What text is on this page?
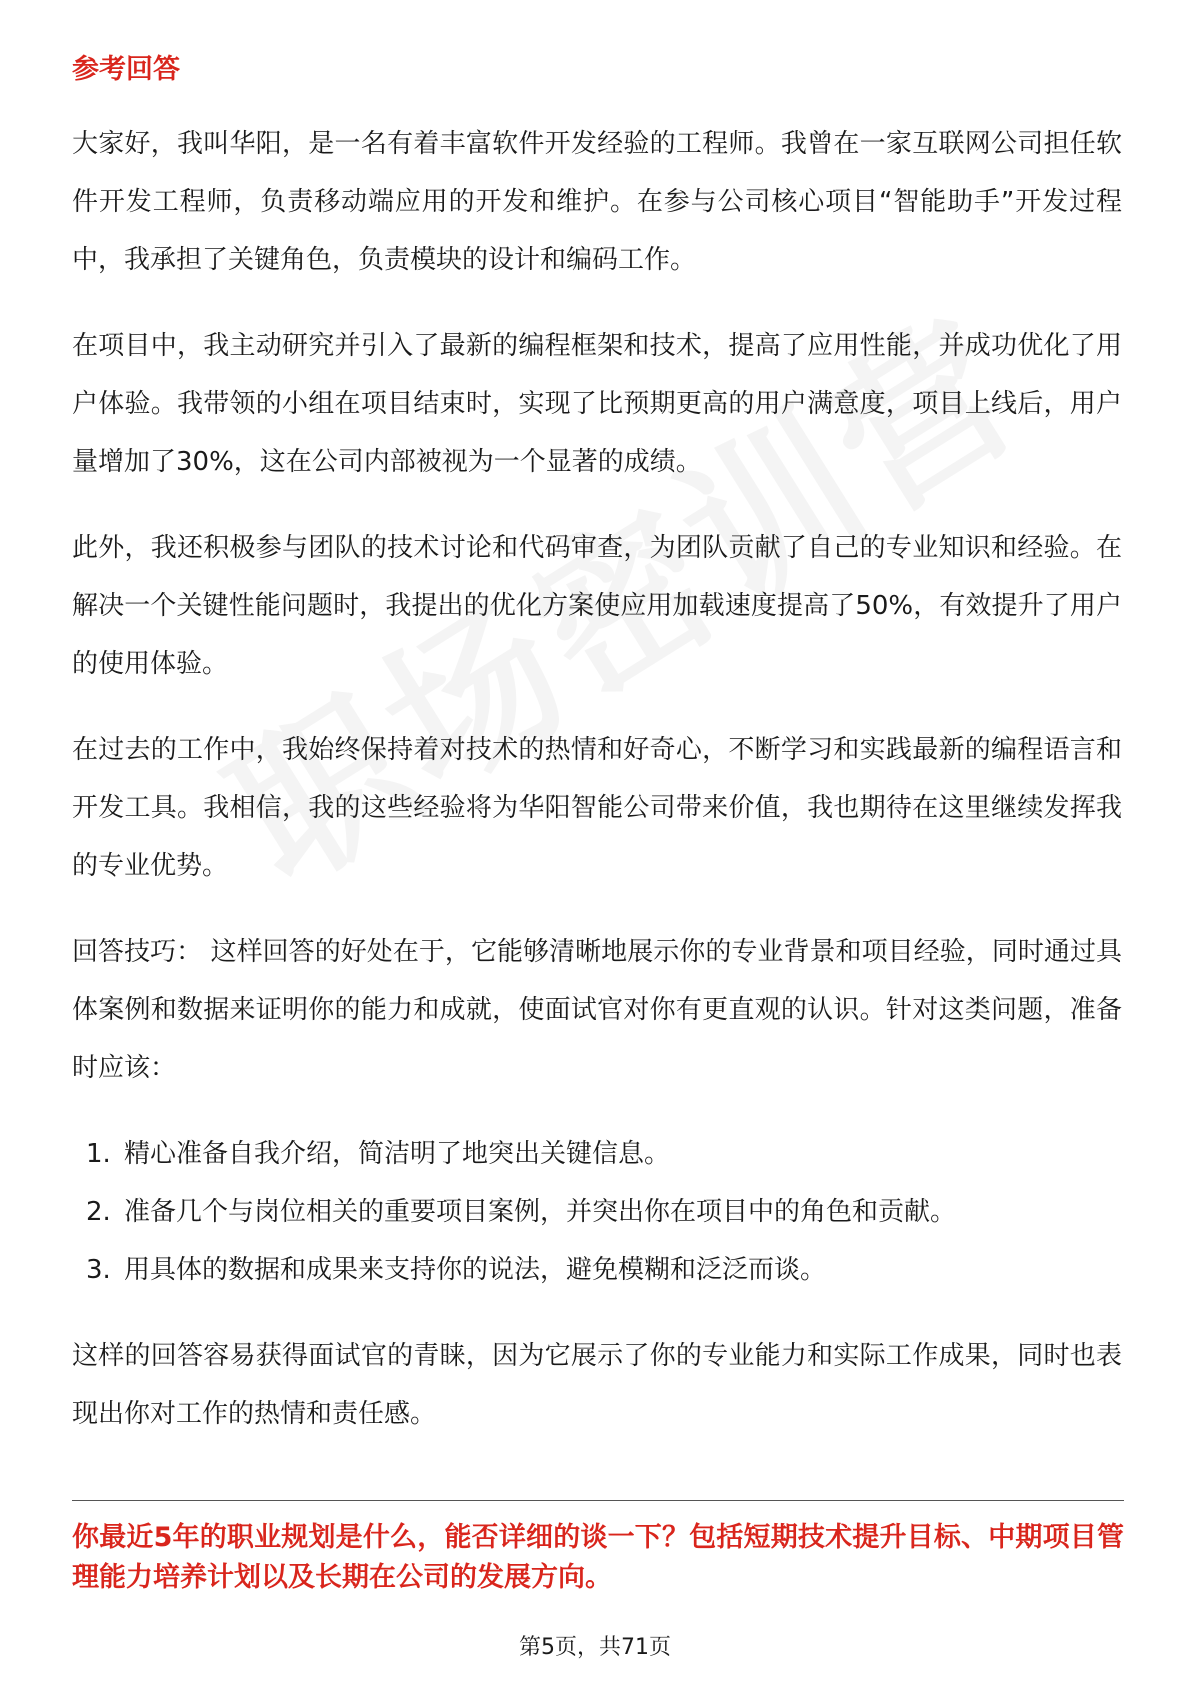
参考回答

大家好，我叫华阳，是一名有着丰富软件开发经验的工程师。我曾在一家互联网公司担任软件开发工程师，负责移动端应用的开发和维护。在参与公司核心项目“智能助手”开发过程中，我承担了关键角色，负责模块的设计和编码工作。

在项目中，我主动研究并引入了最新的编程框架和技术，提高了应用性能，并成功优化了用户体验。我带领的小组在项目结束时，实现了比预期更高的用户满意度，项目上线后，用户量增加了30%，这在公司内部被视为一个显著的成绩。

此外，我还积极参与团队的技术讨论和代码审查，为团队贡献了自己的专业知识和经验。在解决一个关键性能问题时，我提出的优化方案使应用加载速度提高了50%，有效提升了用户的使用体验。

在过去的工作中，我始终保持着对技术的热情和好奇心，不断学习和实践最新的编程语言和开发工具。我相信，我的这些经验将为华阳智能公司带来价值，我也期待在这里继续发挥我的专业优势。

回答技巧： 这样回答的好处在于，它能够清晰地展示你的专业背景和项目经验，同时通过具体案例和数据来证明你的能力和成就，使面试官对你有更直观的认识。针对这类问题，准备时应该：

1. 精心准备自我介绍，简洁明了地突出关键信息。
2. 准备几个与岗位相关的重要项目案例，并突出你在项目中的角色和贡献。
3. 用具体的数据和成果来支持你的说法，避免模糊和泛泛而谈。

这样的回答容易获得面试官的青睐，因为它展示了你的专业能力和实际工作成果，同时也表现出你对工作的热情和责任感。

你最近5年的职业规划是什么，能否详细的谈一下？包括短期技术提升目标、中期项目管理能力培养计划以及长期在公司的发展方向。
第5页，共71页
